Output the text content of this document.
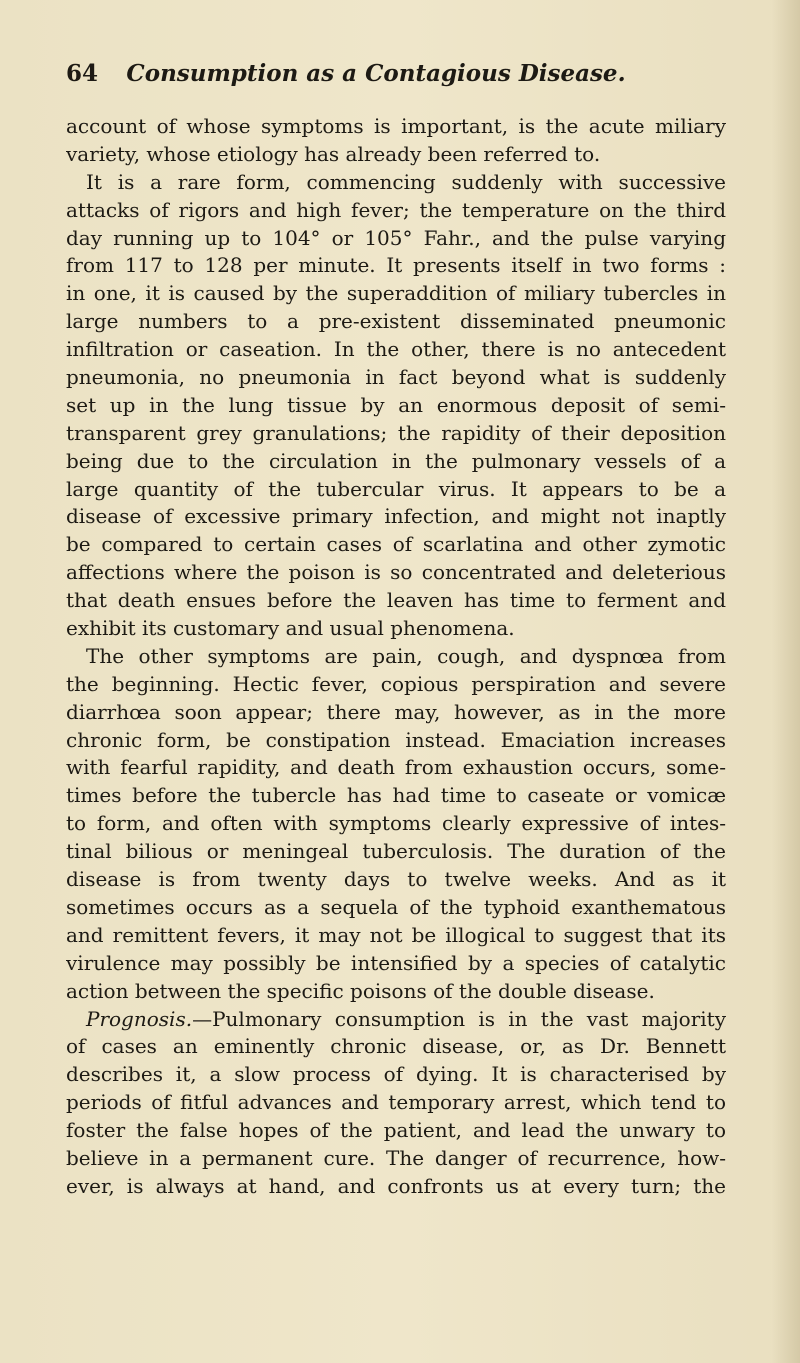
64	Consumption as a Contagious Disease.
account of whose symptoms is important, is the acute miliary
variety, whose etiology has already been referred to.
It is a rare form, commencing suddenly with successive
attacks of rigors and high fever; the temperature on the third
day running up to 104° or 105° Fahr., and the pulse varying
from 117 to 128 per minute. It presents itself in two forms :
in one, it is caused by the superaddition of miliary tubercles in
large numbers to a pre-existent disseminated pneumonic
infiltration or caseation. In the other, there is no antecedent
pneumonia, no pneumonia in fact beyond what is suddenly
set up in the lung tissue by an enormous deposit of semi-
transparent grey granulations; the rapidity of their deposition
being due to the circulation in the pulmonary vessels of a
large quantity of the tubercular virus. It appears to be a
disease of excessive primary infection, and might not inaptly
be compared to certain cases of scarlatina and other zymotic
affections where the poison is so concentrated and deleterious
that death ensues before the leaven has time to ferment and
exhibit its customary and usual phenomena.
The other symptoms are pain, cough, and dyspnœa from
the beginning. Hectic fever, copious perspiration and severe
diarrhœa soon appear; there may, however, as in the more
chronic form, be constipation instead. Emaciation increases
with fearful rapidity, and death from exhaustion occurs, some-
times before the tubercle has had time to caseate or vomicæ
to form, and often with symptoms clearly expressive of intes-
tinal bilious or meningeal tuberculosis. The duration of the
disease is from twenty days to twelve weeks. And as it
sometimes occurs as a sequela of the typhoid exanthematous
and remittent fevers, it may not be illogical to suggest that its
virulence may possibly be intensified by a species of catalytic
action between the specific poisons of the double disease.
Prognosis.—Pulmonary consumption is in the vast majority
of cases an eminently chronic disease, or, as Dr. Bennett
describes it, a slow process of dying. It is characterised by
periods of fitful advances and temporary arrest, which tend to
foster the false hopes of the patient, and lead the unwary to
believe in a permanent cure. The danger of recurrence, how-
ever, is always at hand, and confronts us at every turn; the
